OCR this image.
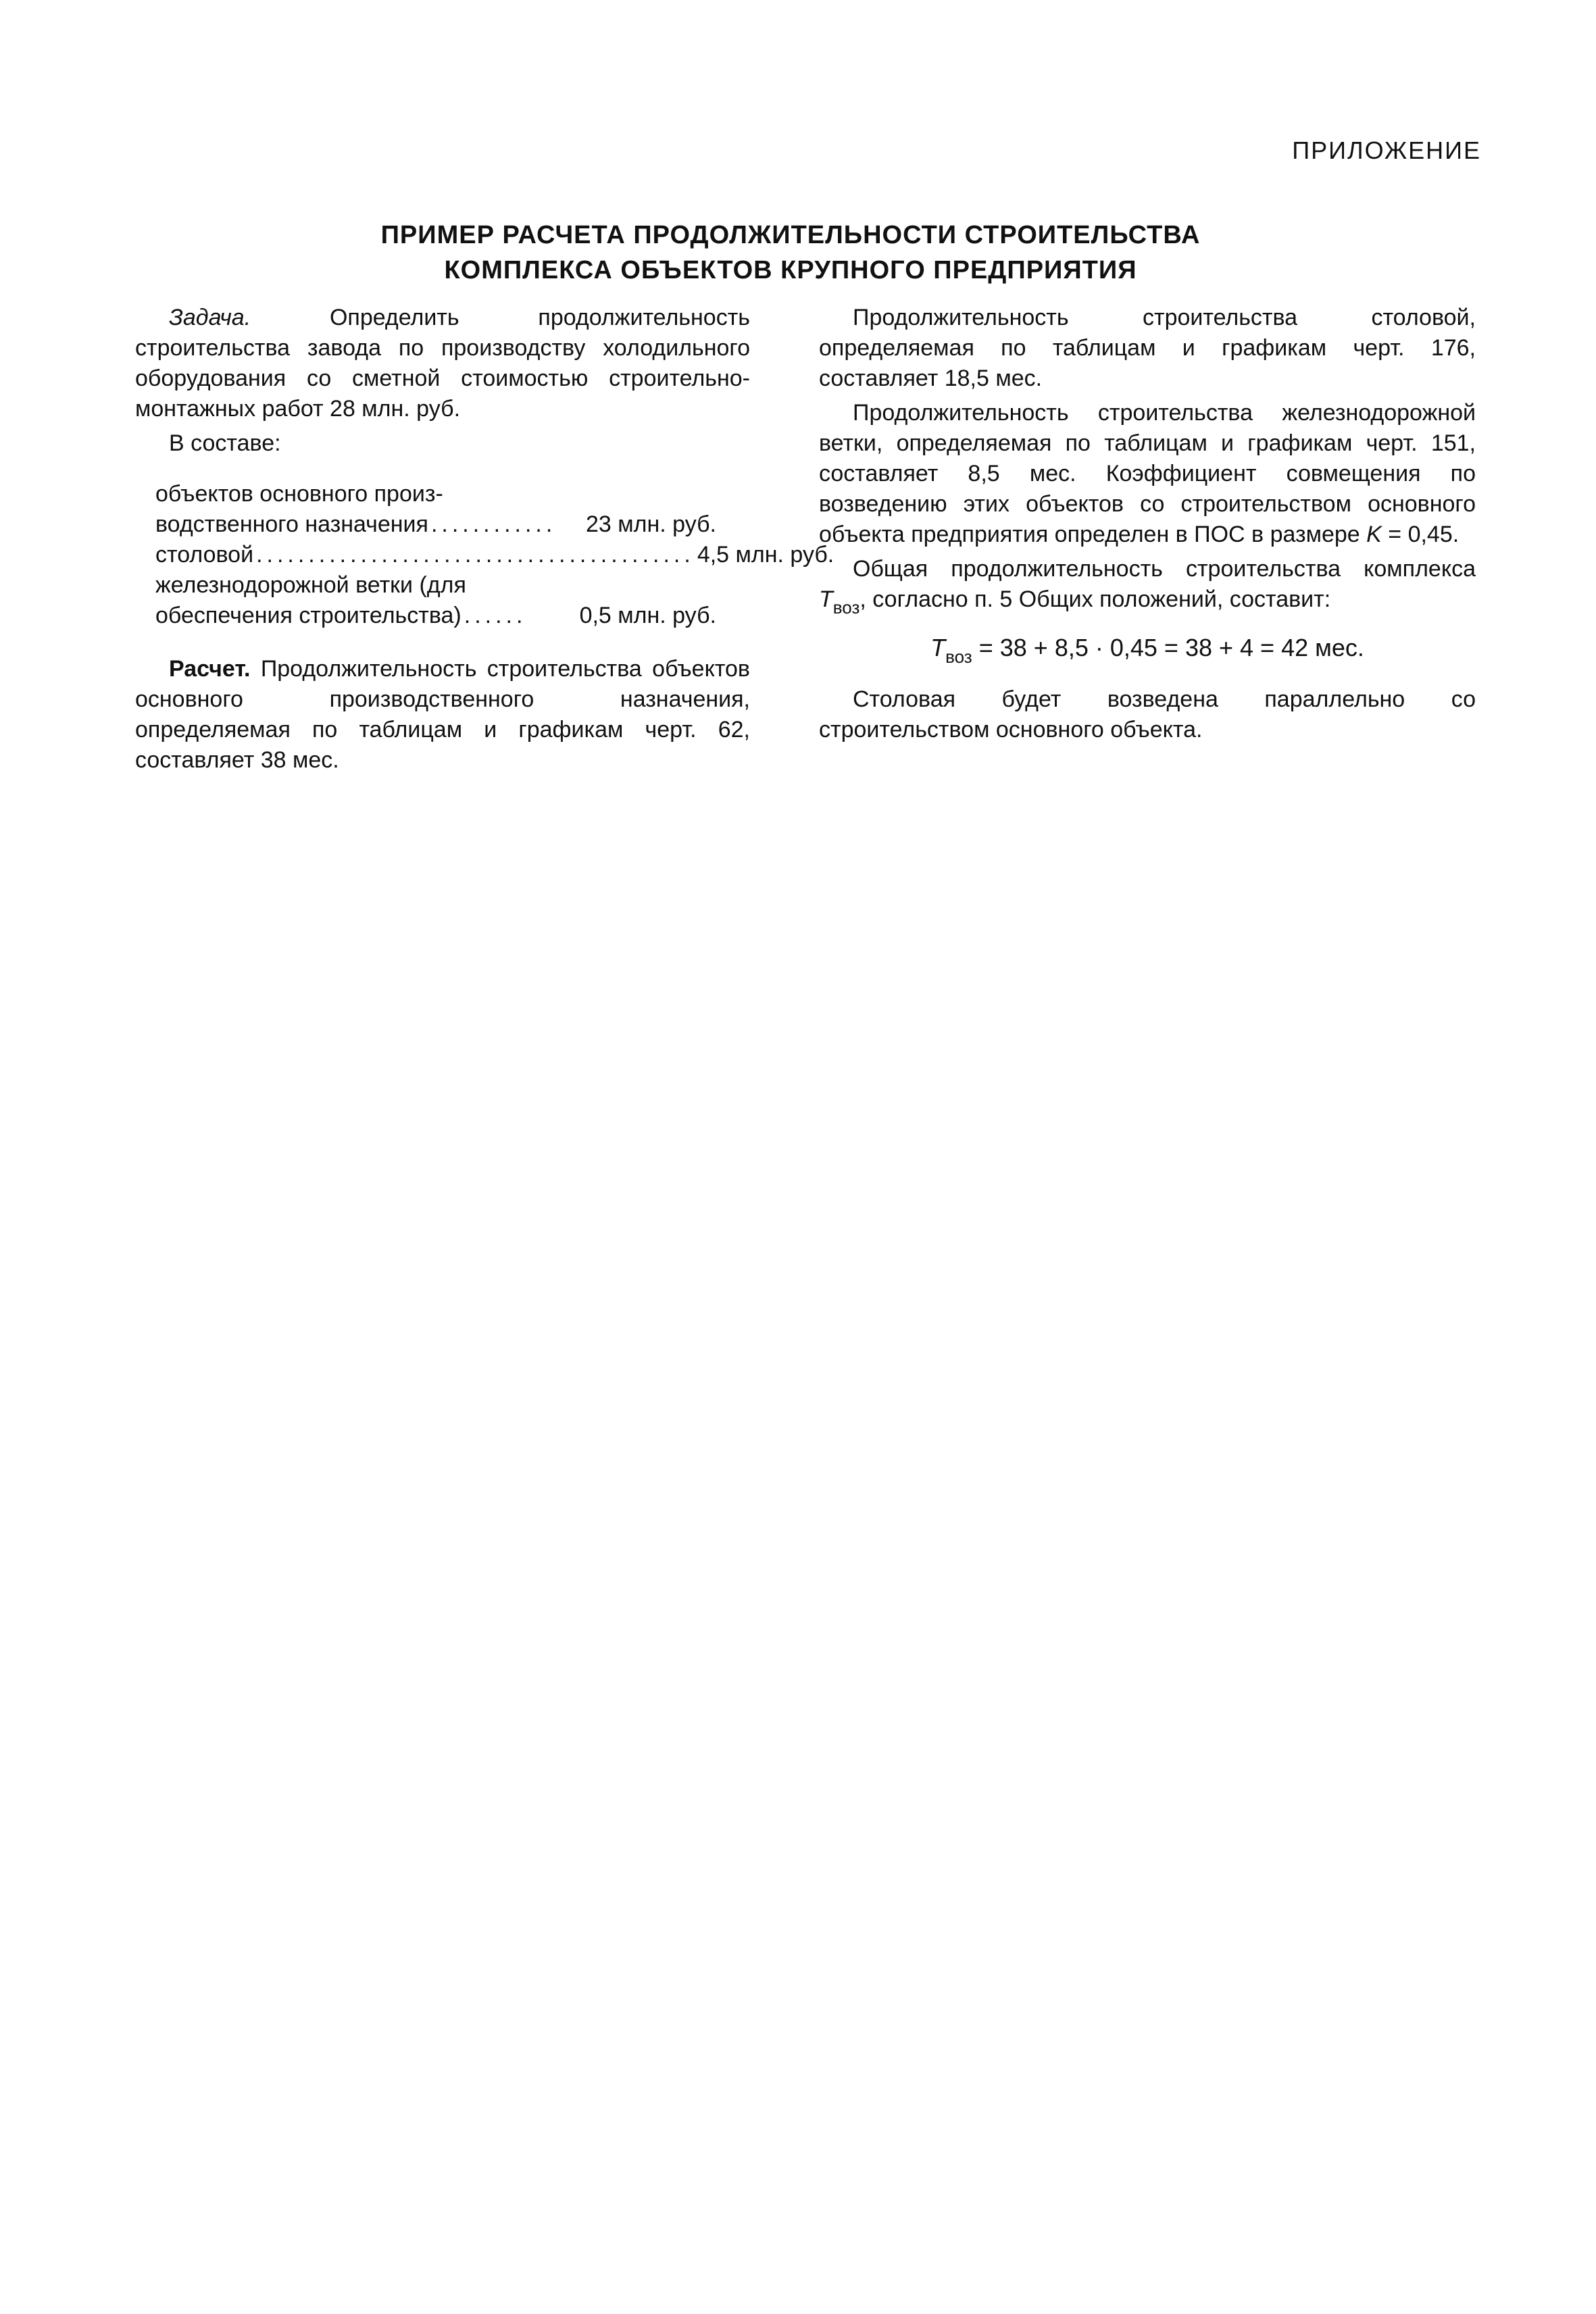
ПРИЛОЖЕНИЕ
ПРИМЕР РАСЧЕТА ПРОДОЛЖИТЕЛЬНОСТИ СТРОИТЕЛЬСТВА
КОМПЛЕКСА ОБЪЕКТОВ КРУПНОГО ПРЕДПРИЯТИЯ

Задача. Определить продолжительность строительства завода по производству холодильного оборудования со сметной стоимостью строительно-монтажных работ 28 млн. руб.

В составе:

объектов основного произ-
водственного назначения ............	23 млн. руб.
столовой .......................................... 4,5 млн. руб.
железнодорожной ветки (для
обеспечения строительства) ......	0,5 млн. руб.

Расчет. Продолжительность строительства объектов основного производственного назначения, определяемая по таблицам и графикам черт. 62, составляет 38 мес.

Продолжительность строительства столовой, определяемая по таблицам и графикам черт. 176, составляет 18,5 мес.

Продолжительность строительства железнодорожной ветки, определяемая по таблицам и графикам черт. 151, составляет 8,5 мес. Коэффициент совмещения по возведению этих объектов со строительством основного объекта предприятия определен в ПОС в размере K = 0,45.

Общая продолжительность строительства комплекса $T_{воз}$, согласно п. 5 Общих положений, составит:

$T_{воз} = 38 + 8,5 \cdot 0,45 = 38 + 4 = 42$ мес.

Столовая будет возведена параллельно со строительством основного объекта.
